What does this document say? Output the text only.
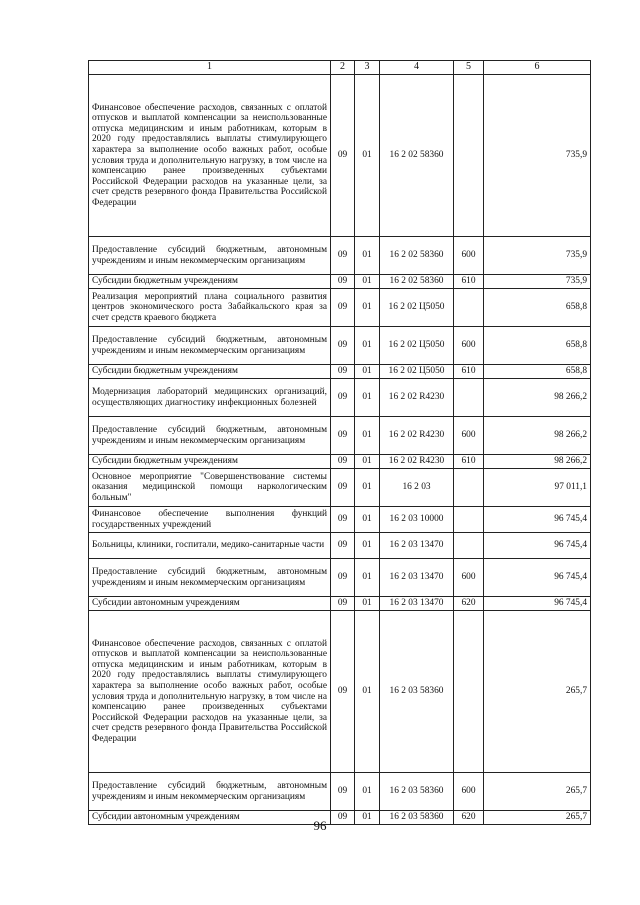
1	2	3	4	5	6
Финансовое обеспечение расходов, связанных с оплатой отпусков и выплатой компенсации за неиспользованные отпуска медицинским и иным работникам, которым в 2020 году предоставлялись выплаты стимулирующего характера за выполнение особо важных работ, особые условия труда и дополнительную нагрузку, в том числе на компенсацию ранее произведенных субъектами Российской Федерации расходов на указанные цели, за счет средств резервного фонда Правительства Российской Федерации	09	01	16 2 02 58360		735,9
Предоставление субсидий бюджетным, автономным учреждениям и иным некоммерческим организациям	09	01	16 2 02 58360	600	735,9
Субсидии бюджетным учреждениям	09	01	16 2 02 58360	610	735,9
Реализация мероприятий плана социального развития центров экономического роста Забайкальского края за счет средств краевого бюджета	09	01	16 2 02 Ц5050		658,8
Предоставление субсидий бюджетным, автономным учреждениям и иным некоммерческим организациям	09	01	16 2 02 Ц5050	600	658,8
Субсидии бюджетным учреждениям	09	01	16 2 02 Ц5050	610	658,8
Модернизация лабораторий медицинских организаций, осуществляющих диагностику инфекционных болезней	09	01	16 2 02 R4230		98 266,2
Предоставление субсидий бюджетным, автономным учреждениям и иным некоммерческим организациям	09	01	16 2 02 R4230	600	98 266,2
Субсидии бюджетным учреждениям	09	01	16 2 02 R4230	610	98 266,2
Основное мероприятие "Совершенствование системы оказания медицинской помощи наркологическим больным"	09	01	16 2 03		97 011,1
Финансовое обеспечение выполнения функций государственных учреждений	09	01	16 2 03 10000		96 745,4
Больницы, клиники, госпитали, медико-санитарные части	09	01	16 2 03 13470		96 745,4
Предоставление субсидий бюджетным, автономным учреждениям и иным некоммерческим организациям	09	01	16 2 03 13470	600	96 745,4
Субсидии автономным учреждениям	09	01	16 2 03 13470	620	96 745,4
Финансовое обеспечение расходов, связанных с оплатой отпусков и выплатой компенсации за неиспользованные отпуска медицинским и иным работникам, которым в 2020 году предоставлялись выплаты стимулирующего характера за выполнение особо важных работ, особые условия труда и дополнительную нагрузку, в том числе на компенсацию ранее произведенных субъектами Российской Федерации расходов на указанные цели, за счет средств резервного фонда Правительства Российской Федерации	09	01	16 2 03 58360		265,7
Предоставление субсидий бюджетным, автономным учреждениям и иным некоммерческим организациям	09	01	16 2 03 58360	600	265,7
Субсидии автономным учреждениям	09	01	16 2 03 58360	620	265,7
96
